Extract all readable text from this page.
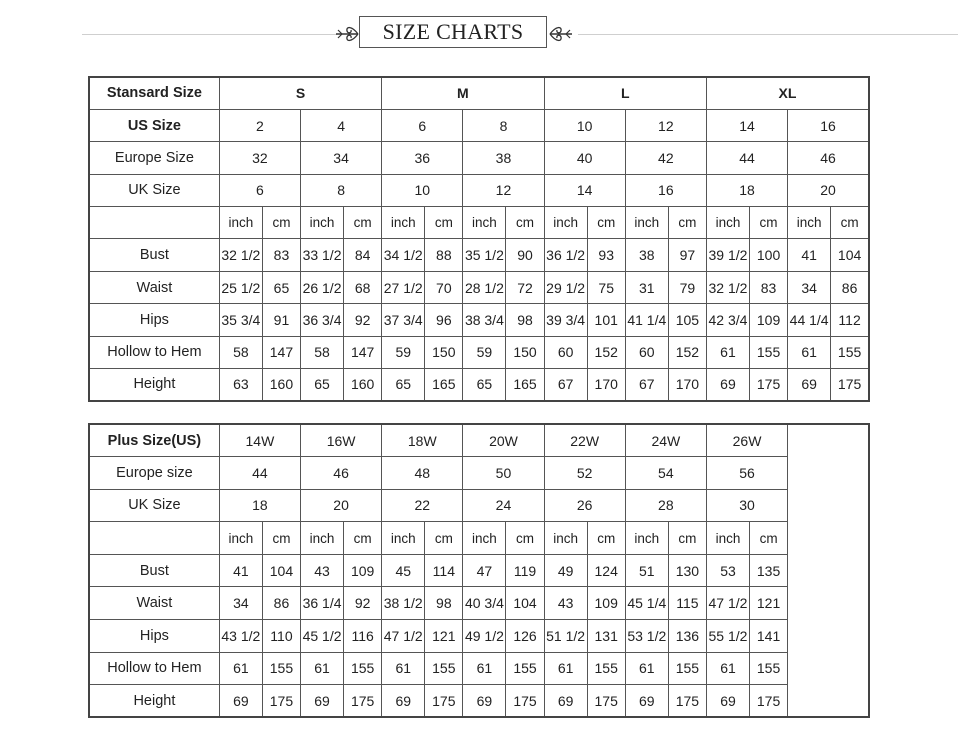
SIZE CHARTS
Stansard Size	S				M				L				XL			
US Size	2		4		6		8		10		12		14		16	
Europe Size	32		34		36		38		40		42		44		46	
UK Size	6		8		10		12		14		16		18		20	
	inch	cm	inch	cm	inch	cm	inch	cm	inch	cm	inch	cm	inch	cm	inch	cm
Bust	32 1/2	83	33 1/2	84	34 1/2	88	35 1/2	90	36 1/2	93	38	97	39 1/2	100	41	104
Waist	25 1/2	65	26 1/2	68	27 1/2	70	28 1/2	72	29 1/2	75	31	79	32 1/2	83	34	86
Hips	35 3/4	91	36 3/4	92	37 3/4	96	38 3/4	98	39 3/4	101	41 1/4	105	42 3/4	109	44 1/4	112
Hollow to Hem	58	147	58	147	59	150	59	150	60	152	60	152	61	155	61	155
Height	63	160	65	160	65	165	65	165	67	170	67	170	69	175	69	175
Plus Size(US)	14W		16W		18W		20W		22W		24W		26W		
Europe size	44		46		48		50		52		54		56		
UK Size	18		20		22		24		26		28		30		
	inch	cm	inch	cm	inch	cm	inch	cm	inch	cm	inch	cm	inch	cm	
Bust	41	104	43	109	45	114	47	119	49	124	51	130	53	135	
Waist	34	86	36 1/4	92	38 1/2	98	40 3/4	104	43	109	45 1/4	115	47 1/2	121	
Hips	43 1/2	110	45 1/2	116	47 1/2	121	49 1/2	126	51 1/2	131	53 1/2	136	55 1/2	141	
Hollow to Hem	61	155	61	155	61	155	61	155	61	155	61	155	61	155	
Height	69	175	69	175	69	175	69	175	69	175	69	175	69	175	
